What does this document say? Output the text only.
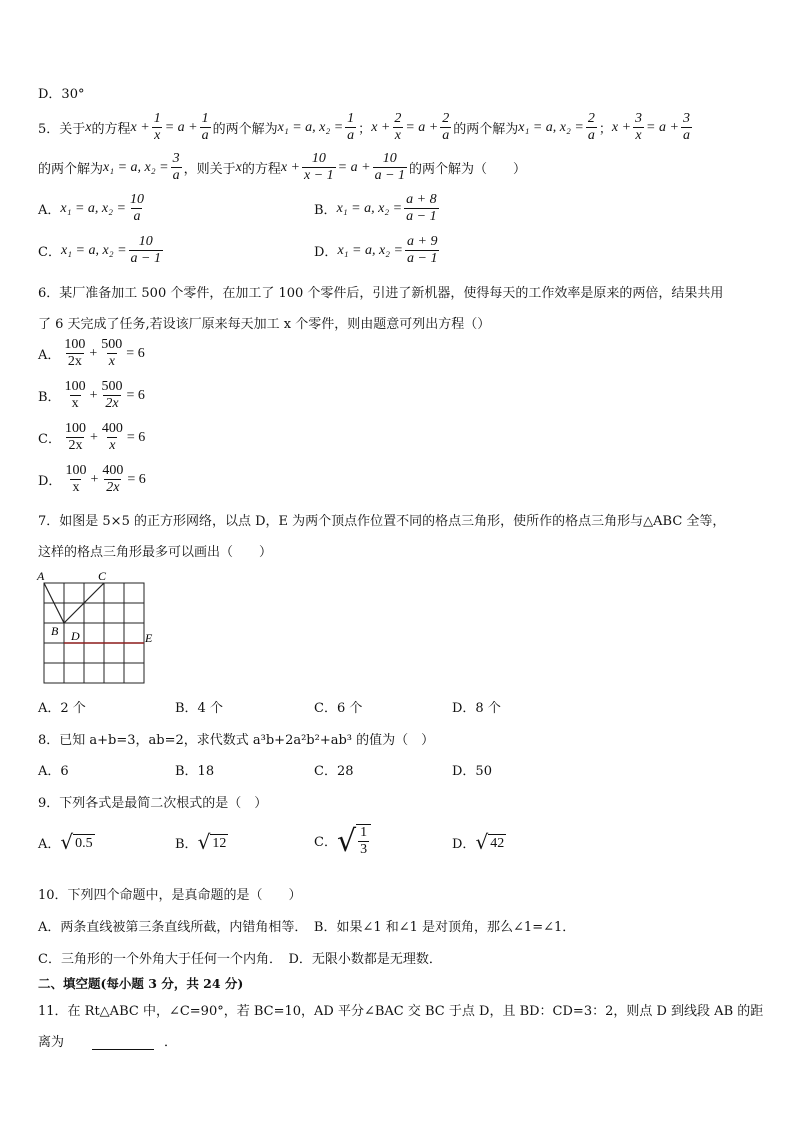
D．30°
5．关于 x 的方程 $x + \frac{1}{x} = a + \frac{1}{a}$ 的两个解为 x₁ = a, $x_2 = \frac{1}{a}$ ； $x + \frac{2}{x} = a + \frac{2}{a}$ 的两个解为 x₁ = a, $x_2 = \frac{2}{a}$ ； $x + \frac{3}{x} = a + \frac{3}{a}$
的两个解为 x₁ = a, $x_2 = \frac{3}{a}$ ，则关于 x 的方程 $x + \frac{10}{x - 1} = a + \frac{10}{a - 1}$ 的两个解为（　　）
A． x₁ = a, $x_2 = \frac{10}{a}$	B． x₁ = a, $x_2 = \frac{a + 8}{a - 1}$
C． x₁ = a, $x_2 = \frac{10}{a - 1}$	D． x₁ = a, $x_2 = \frac{a + 9}{a - 1}$
6．某厂准备加工 500 个零件，在加工了 100 个零件后，引进了新机器，使得每天的工作效率是原来的两倍，结果共用
了 6 天完成了任务,若设该厂原来每天加工 x 个零件，则由题意可列出方程（）
A． $\frac{100}{2x} + \frac{500}{x} = 6$
B． $\frac{100}{x} + \frac{500}{2x} = 6$
C． $\frac{100}{2x} + \frac{400}{x} = 6$
D． $\frac{100}{x} + \frac{400}{2x} = 6$
7．如图是 5×5 的正方形网络，以点 D，E 为两个顶点作位置不同的格点三角形，使所作的格点三角形与△ABC 全等，
这样的格点三角形最多可以画出（　　）
A	C
B D	E
A．2 个	B．4 个	C．6 个	D．8 个
8．已知 a+b=3，ab=2，求代数式 a³b+2a²b²+ab³ 的值为（　）
A．6	B．18	C．28	D．50
9．下列各式是最简二次根式的是（　）
A． √ 0.5	B． √ 12	C． √ $\frac{1}{3}$	D． √ 42
10．下列四个命题中，是真命题的是（　　）
A．两条直线被第三条直线所截，内错角相等．　B．如果∠1 和∠1 是对顶角，那么∠1=∠1．
C．三角形的一个外角大于任何一个内角．　D．无限小数都是无理数．
二、填空题(每小题 3 分，共 24 分)
11．在 Rt△ABC 中，∠C=90°，若 BC=10，AD 平分∠BAC 交 BC 于点 D，且 BD：CD=3：2，则点 D 到线段 AB 的距
离为	．
